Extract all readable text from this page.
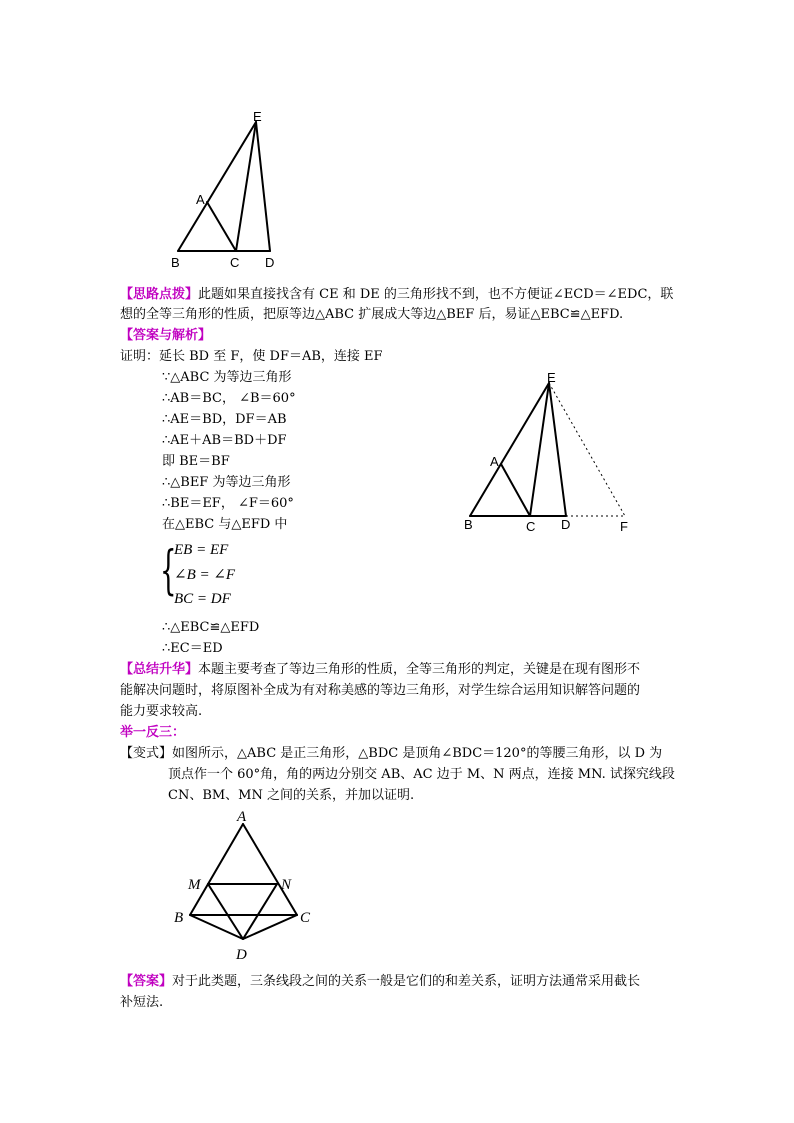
E
A
B	C D
【思路点拨】此题如果直接找含有 CE 和 DE 的三角形找不到，也不方便证∠ECD＝∠EDC，联
想的全等三角形的性质，把原等边△ABC 扩展成大等边△BEF 后，易证△EBC≌△EFD.
【答案与解析】
证明：延长 BD 至 F，使 DF＝AB，连接 EF
∵△ABC 为等边三角形
∴AB＝BC， ∠B＝60°
∴AE＝BD，DF＝AB
∴AE＋AB＝BD＋DF
即 BE＝BF
∴△BEF 为等边三角形
∴BE＝EF， ∠F＝60°
在△EBC 与△EFD 中
{
EB = EF
∠B = ∠F
BC = DF
∴△EBC≌△EFD
∴EC＝ED
E
A
B	C D	F
【总结升华】本题主要考查了等边三角形的性质，全等三角形的判定，关键是在现有图形不
能解决问题时，将原图补全成为有对称美感的等边三角形，对学生综合运用知识解答问题的
能力要求较高.
举一反三：
【变式】如图所示，△ABC 是正三角形，△BDC 是顶角∠BDC＝120°的等腰三角形，以 D 为
顶点作一个 60°角，角的两边分别交 AB、AC 边于 M、N 两点，连接 MN. 试探究线段
CN、BM、MN 之间的关系，并加以证明.
A
M	N
B	C
D
【答案】对于此类题，三条线段之间的关系一般是它们的和差关系，证明方法通常采用截长
补短法.
